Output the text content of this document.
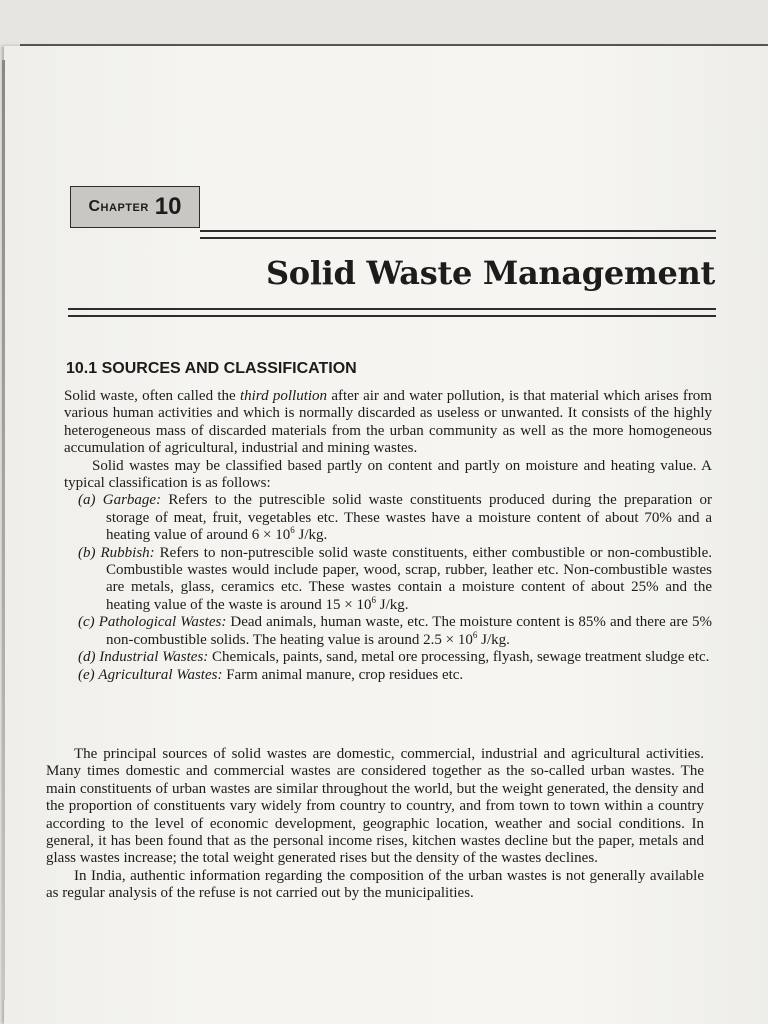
Chapter 10
Solid Waste Management
10.1 SOURCES AND CLASSIFICATION

Solid waste, often called the third pollution after air and water pollution, is that material which arises from various human activities and which is normally discarded as useless or unwanted. It consists of the highly heterogeneous mass of discarded materials from the urban community as well as the more homogeneous accumulation of agricultural, industrial and mining wastes.

Solid wastes may be classified based partly on content and partly on moisture and heating value. A typical classification is as follows:

(a) Garbage: Refers to the putrescible solid waste constituents produced during the preparation or storage of meat, fruit, vegetables etc. These wastes have a moisture content of about 70% and a heating value of around $6 \times 10^6$ J/kg.

(b) Rubbish: Refers to non-putrescible solid waste constituents, either combustible or non-combustible. Combustible wastes would include paper, wood, scrap, rubber, leather etc. Non-combustible wastes are metals, glass, ceramics etc. These wastes contain a moisture content of about 25% and the heating value of the waste is around $15 \times 10^6$ J/kg.

(c) Pathological Wastes: Dead animals, human waste, etc. The moisture content is 85% and there are 5% non-combustible solids. The heating value is around $2.5 \times 10^6$ J/kg.

(d) Industrial Wastes: Chemicals, paints, sand, metal ore processing, flyash, sewage treatment sludge etc.

(e) Agricultural Wastes: Farm animal manure, crop residues etc.

The principal sources of solid wastes are domestic, commercial, industrial and agricultural activities. Many times domestic and commercial wastes are considered together as the so-called urban wastes. The main constituents of urban wastes are similar throughout the world, but the weight generated, the density and the proportion of constituents vary widely from country to country, and from town to town within a country according to the level of economic development, geographic location, weather and social conditions. In general, it has been found that as the personal income rises, kitchen wastes decline but the paper, metals and glass wastes increase; the total weight generated rises but the density of the wastes declines.

In India, authentic information regarding the composition of the urban wastes is not generally available as regular analysis of the refuse is not carried out by the municipalities.
